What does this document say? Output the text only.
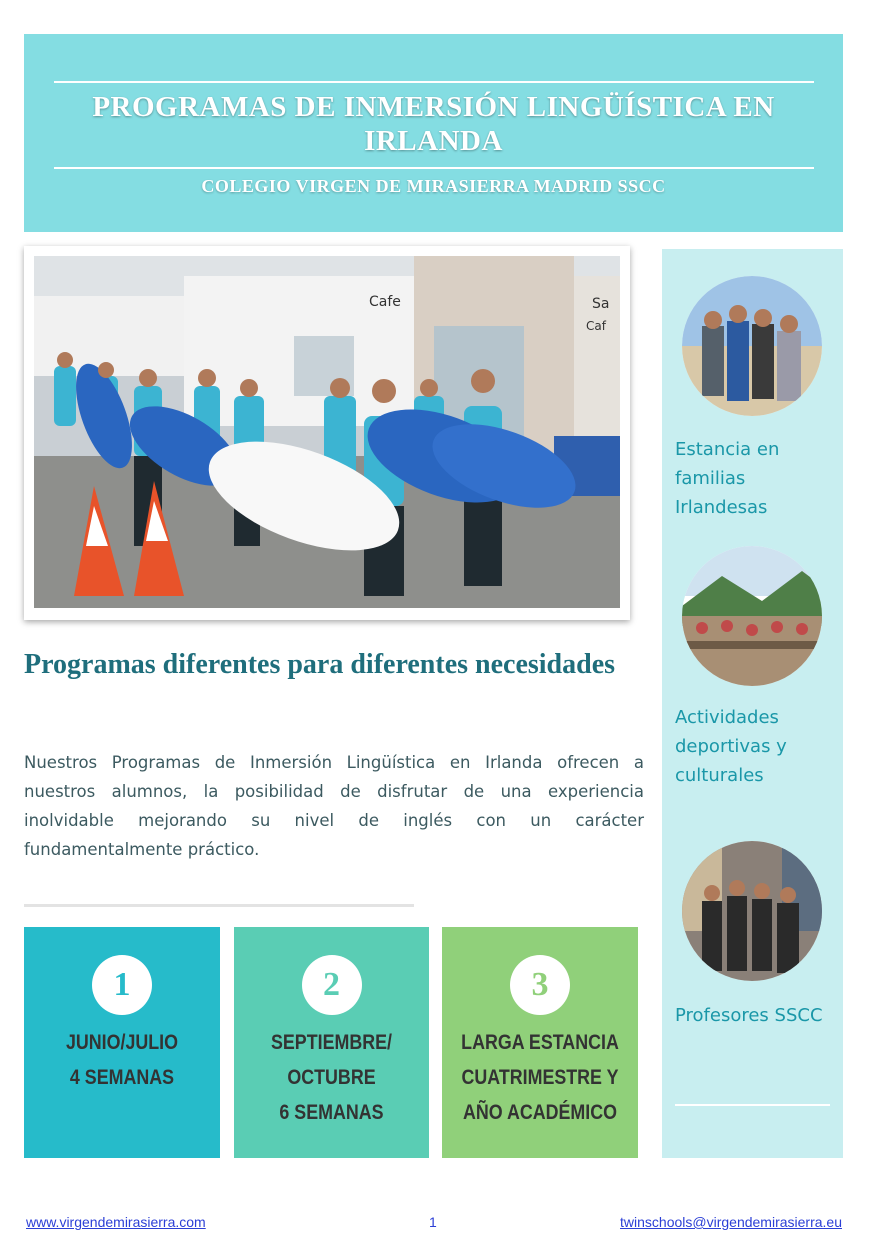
PROGRAMAS DE INMERSIÓN LINGÜÍSTICA EN IRLANDA
COLEGIO VIRGEN DE MIRASIERRA MADRID SSCC
Cafe	Sa
Caf
Programas diferentes para diferentes necesidades

Nuestros Programas de Inmersión Lingüística en Irlanda ofrecen a nuestros alumnos, la posibilidad de disfrutar de una experiencia inolvidable mejorando su nivel de inglés con un carácter fundamentalmente práctico.

1
JUNIO/JULIO
4 SEMANAS
2
SEPTIEMBRE/
OCTUBRE
6 SEMANAS
3
LARGA ESTANCIA
CUATRIMESTRE Y
AÑO ACADÉMICO

Estancia en familias Irlandesas

Actividades deportivas y culturales

Profesores SSCC

www.virgendemirasierra.com	1	twinschools@virgendemirasierra.eu
